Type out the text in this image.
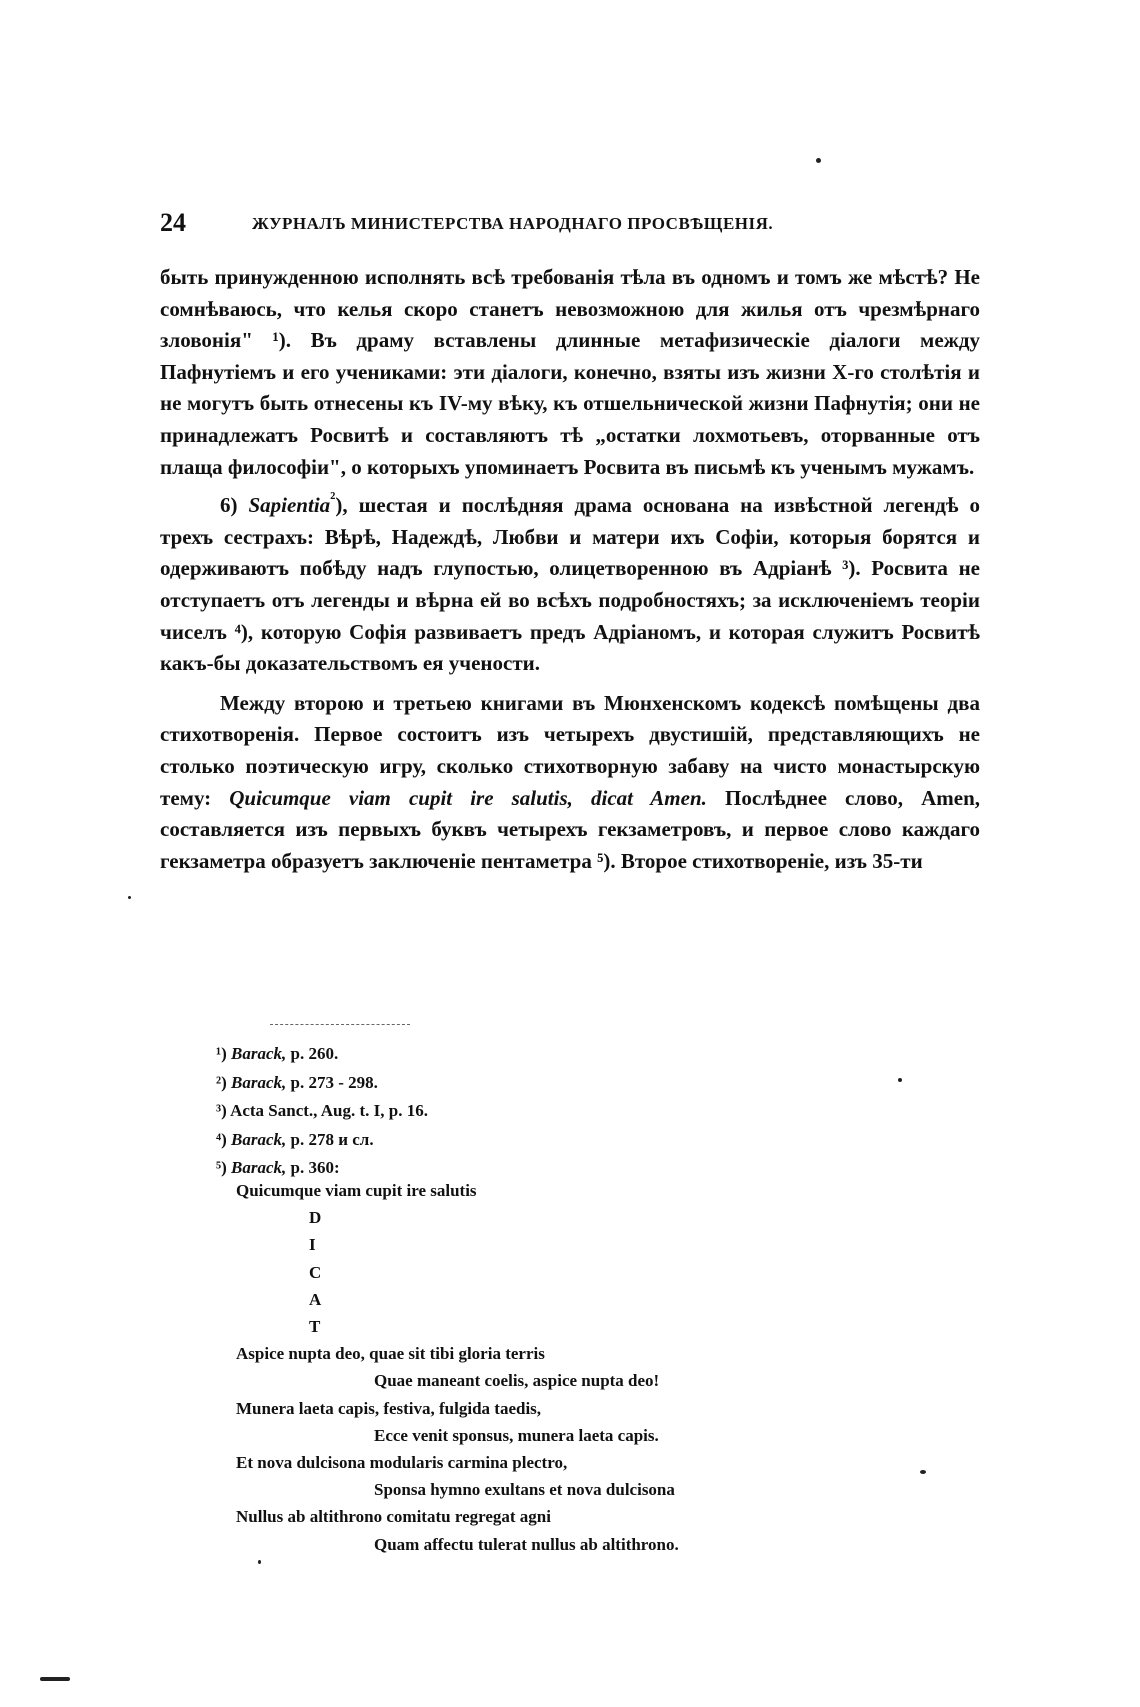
24	ЖУРНАЛЪ МИНИСТЕРСТВА НАРОДНАГО ПРОСВѢЩЕНІЯ.

быть принужденною исполнять всѣ требованія тѣла въ одномъ и томъ же мѣстѣ? Не сомнѣваюсь, что келья скоро станетъ невозможною для жилья отъ чрезмѣрнаго зловонія" ¹). Въ драму вставлены длинные метафизическіе діалоги между Пафнутіемъ и его учениками: эти діалоги, конечно, взяты изъ жизни X-го столѣтія и не могутъ быть отнесены къ IV-му вѣку, къ отшельнической жизни Пафнутія; они не принадлежатъ Росвитѣ и составляютъ тѣ „остатки лохмотьевъ, оторванные отъ плаща философіи", о которыхъ упоминаетъ Росвита въ письмѣ къ ученымъ мужамъ.

6) Sapientia$^{^2}$), шестая и послѣдняя драма основана на извѣстной легендѣ о трехъ сестрахъ: Вѣрѣ, Надеждѣ, Любви и матери ихъ Софіи, которыя борятся и одерживаютъ побѣду надъ глупостью, олицетворенною въ Адріанѣ ³). Росвита не отступаетъ отъ легенды и вѣрна ей во всѣхъ подробностяхъ; за исключеніемъ теоріи чиселъ ⁴), которую Софія развиваетъ предъ Адріаномъ, и которая служитъ Росвитѣ какъ-бы доказательствомъ ея учености.

Между второю и третьею книгами въ Мюнхенскомъ кодексѣ помѣщены два стихотворенія. Первое состоитъ изъ четырехъ двустишій, представляющихъ не столько поэтическую игру, сколько стихотворную забаву на чисто монастырскую тему: Quicumque viam cupit ire salutis, dicat Amen. Послѣднее слово, Amen, составляется изъ первыхъ буквъ четырехъ гекзаметровъ, и первое слово каждаго гекзаметра образуетъ заключеніе пентаметра ⁵). Второе стихотвореніе, изъ 35-ти

¹) Barack, p. 260.
²) Barack, p. 273 - 298.
³) Acta Sanct., Aug. t. I, p. 16.
⁴) Barack, p. 278 и сл.
⁵) Barack, p. 360:
Quicumque viam cupit ire salutis
D
I
C
A
T
Aspice nupta deo, quae sit tibi gloria terris
Quae maneant coelis, aspice nupta deo!
Munera laeta capis, festiva, fulgida taedis,
Ecce venit sponsus, munera laeta capis.
Et nova dulcisona modularis carmina plectro,
Sponsa hymno exultans et nova dulcisona
Nullus ab altithrono comitatu regregat agni
Quam affectu tulerat nullus ab altithrono.
